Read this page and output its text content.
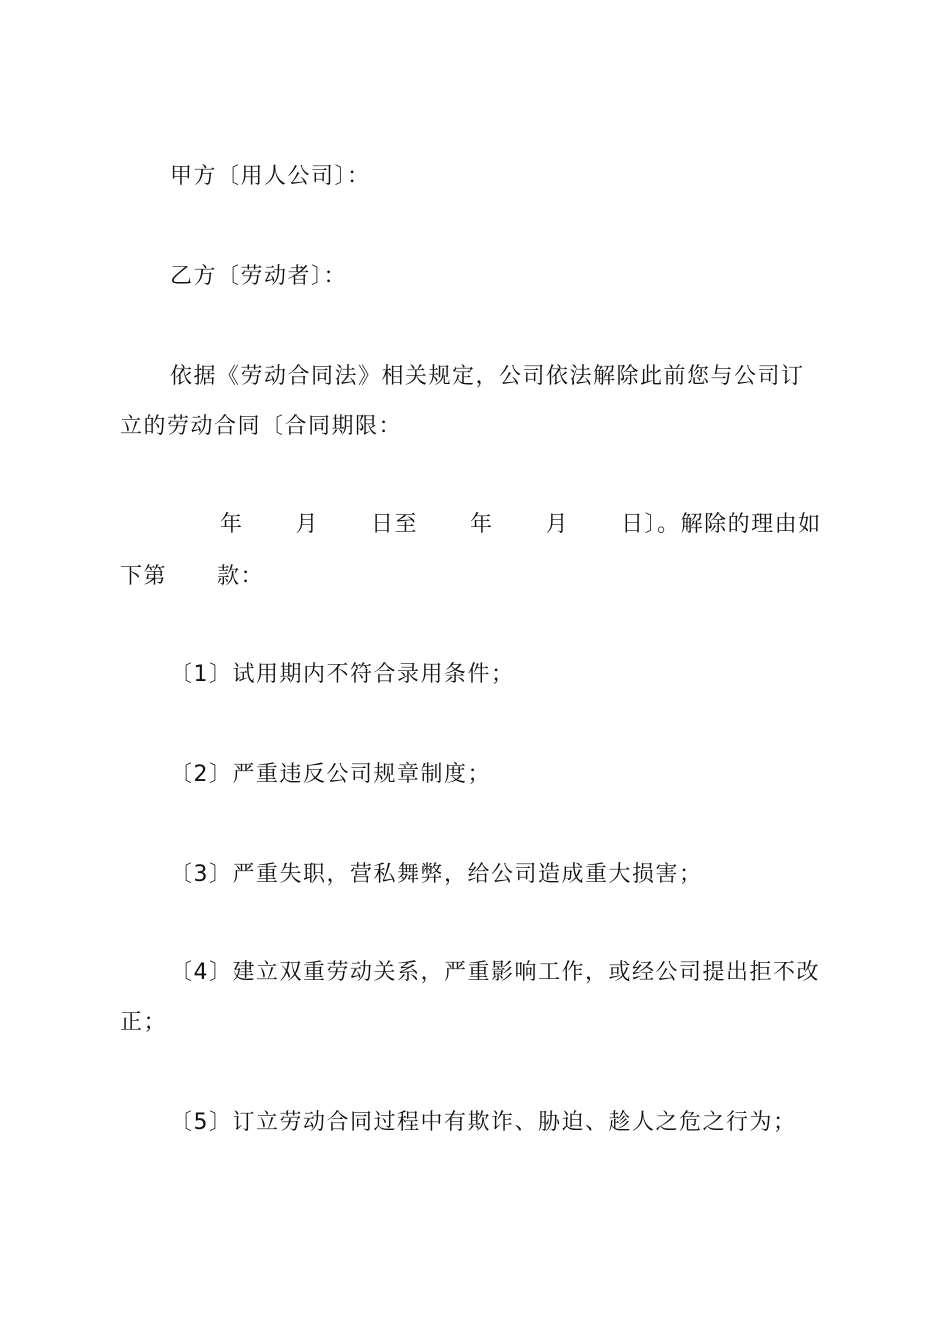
甲方〔用人公司〕：
乙方〔劳动者〕：
依据《劳动合同法》相关规定，公司依法解除此前您与公司订
立的劳动合同〔合同期限：
年 月 日至 年 月 日〕。解除的理由如
下第 款：
〔1〕试用期内不符合录用条件；
〔2〕严重违反公司规章制度；
〔3〕严重失职，营私舞弊，给公司造成重大损害；
〔4〕建立双重劳动关系，严重影响工作，或经公司提出拒不改
正；
〔5〕订立劳动合同过程中有欺诈、胁迫、趁人之危之行为；
